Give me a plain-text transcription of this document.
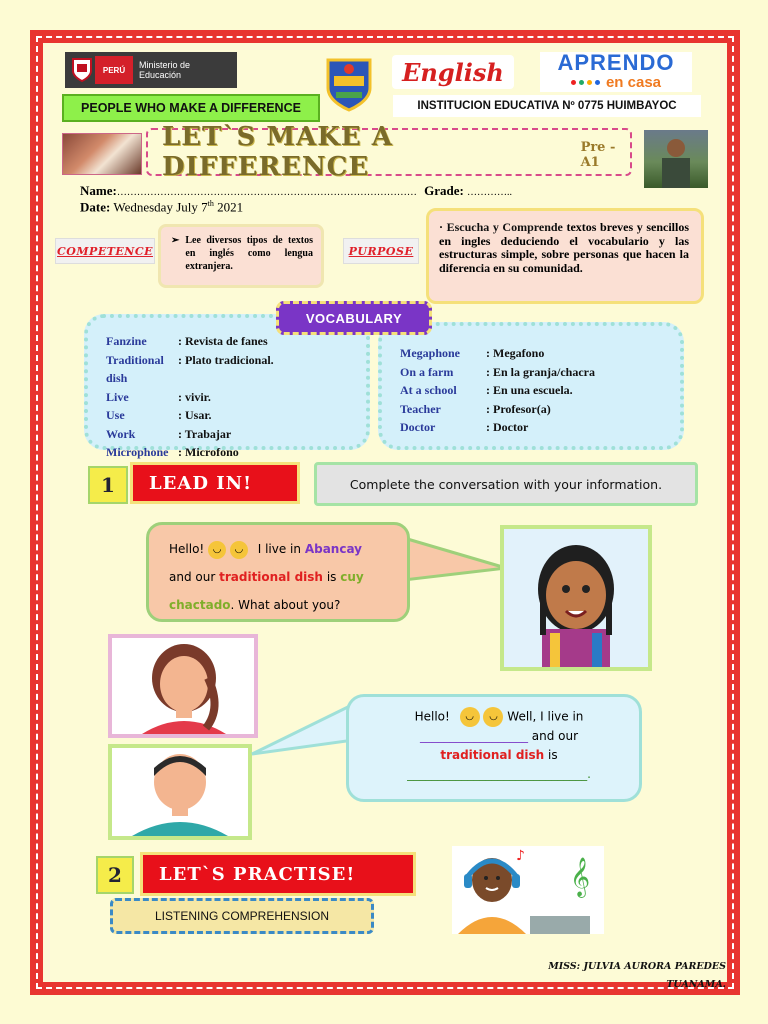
PERÚ	Ministerio de Educación	English	APRENDO
en casa
PEOPLE WHO MAKE A DIFFERENCE	INSTITUCION EDUCATIVA Nº 0775 HUIMBAYOC
LET`S MAKE A DIFFERENCE
Pre -A1
Name:……………………………………………………………………………… Grade: …………..
Date: Wednesday July 7th 2021
COMPETENCE
➢ Lee diversos tipos de textos en inglés como lengua extranjera.
PURPOSE
· Escucha y Comprende textos breves y sencillos en ingles deduciendo el vocabulario y las estructuras simple, sobre personas que hacen la diferencia en su comunidad.
Fanzine	: Revista de fanes
Traditional dish
: Plato tradicional.
Live	: vivir.
Use	: Usar.
Work	: Trabajar
Microphone : Microfono
Megaphone	: Megafono
On a farm	: En la granja/chacra
At a school	: En una escuela.
Teacher	: Profesor(a)
Doctor	: Doctor
VOCABULARY
1 LEAD IN!	Complete the conversation with your information.
Hello! ◡ ◡ I live in Abancay
and our traditional dish is cuy
chactado. What about you?
Hello! ◡ ◡ Well, I live in
__________________ and our
traditional dish is
______________________________.
2 LET`S PRACTISE!
LISTENING COMPREHENSION
𝄞
♪
MISS: JULVIA AURORA PAREDES TUANAMA.
